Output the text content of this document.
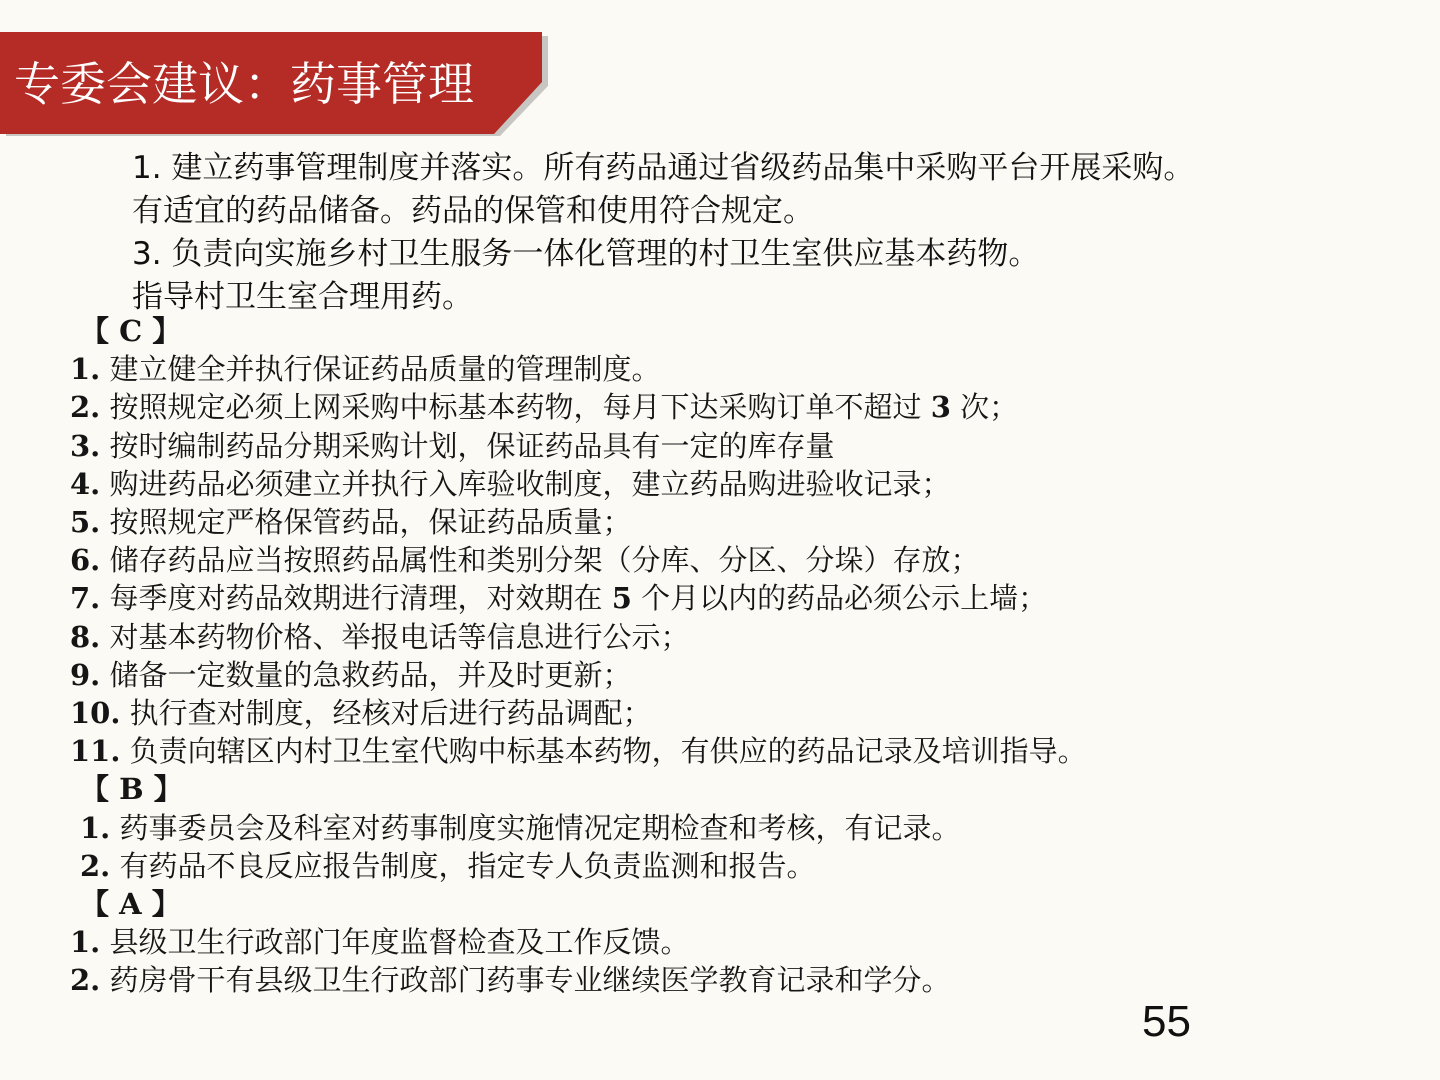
专委会建议：药事管理
1. 建立药事管理制度并落实。所有药品通过省级药品集中采购平台开展采购。
有适宜的药品储备。药品的保管和使用符合规定。
3. 负责向实施乡村卫生服务一体化管理的村卫生室供应基本药物。
指导村卫生室合理用药。
【 C 】
1. 建立健全并执行保证药品质量的管理制度。
2. 按照规定必须上网采购中标基本药物，每月下达采购订单不超过 3 次；
3. 按时编制药品分期采购计划，保证药品具有一定的库存量
4. 购进药品必须建立并执行入库验收制度，建立药品购进验收记录；
5. 按照规定严格保管药品，保证药品质量；
6. 储存药品应当按照药品属性和类别分架（分库、分区、分垛）存放；
7. 每季度对药品效期进行清理，对效期在 5 个月以内的药品必须公示上墙；
8. 对基本药物价格、举报电话等信息进行公示；
9. 储备一定数量的急救药品，并及时更新；
10. 执行查对制度，经核对后进行药品调配；
11. 负责向辖区内村卫生室代购中标基本药物，有供应的药品记录及培训指导。
【 B 】
1. 药事委员会及科室对药事制度实施情况定期检查和考核，有记录。
2. 有药品不良反应报告制度，指定专人负责监测和报告。
【 A 】
1. 县级卫生行政部门年度监督检查及工作反馈。
2. 药房骨干有县级卫生行政部门药事专业继续医学教育记录和学分。
55
